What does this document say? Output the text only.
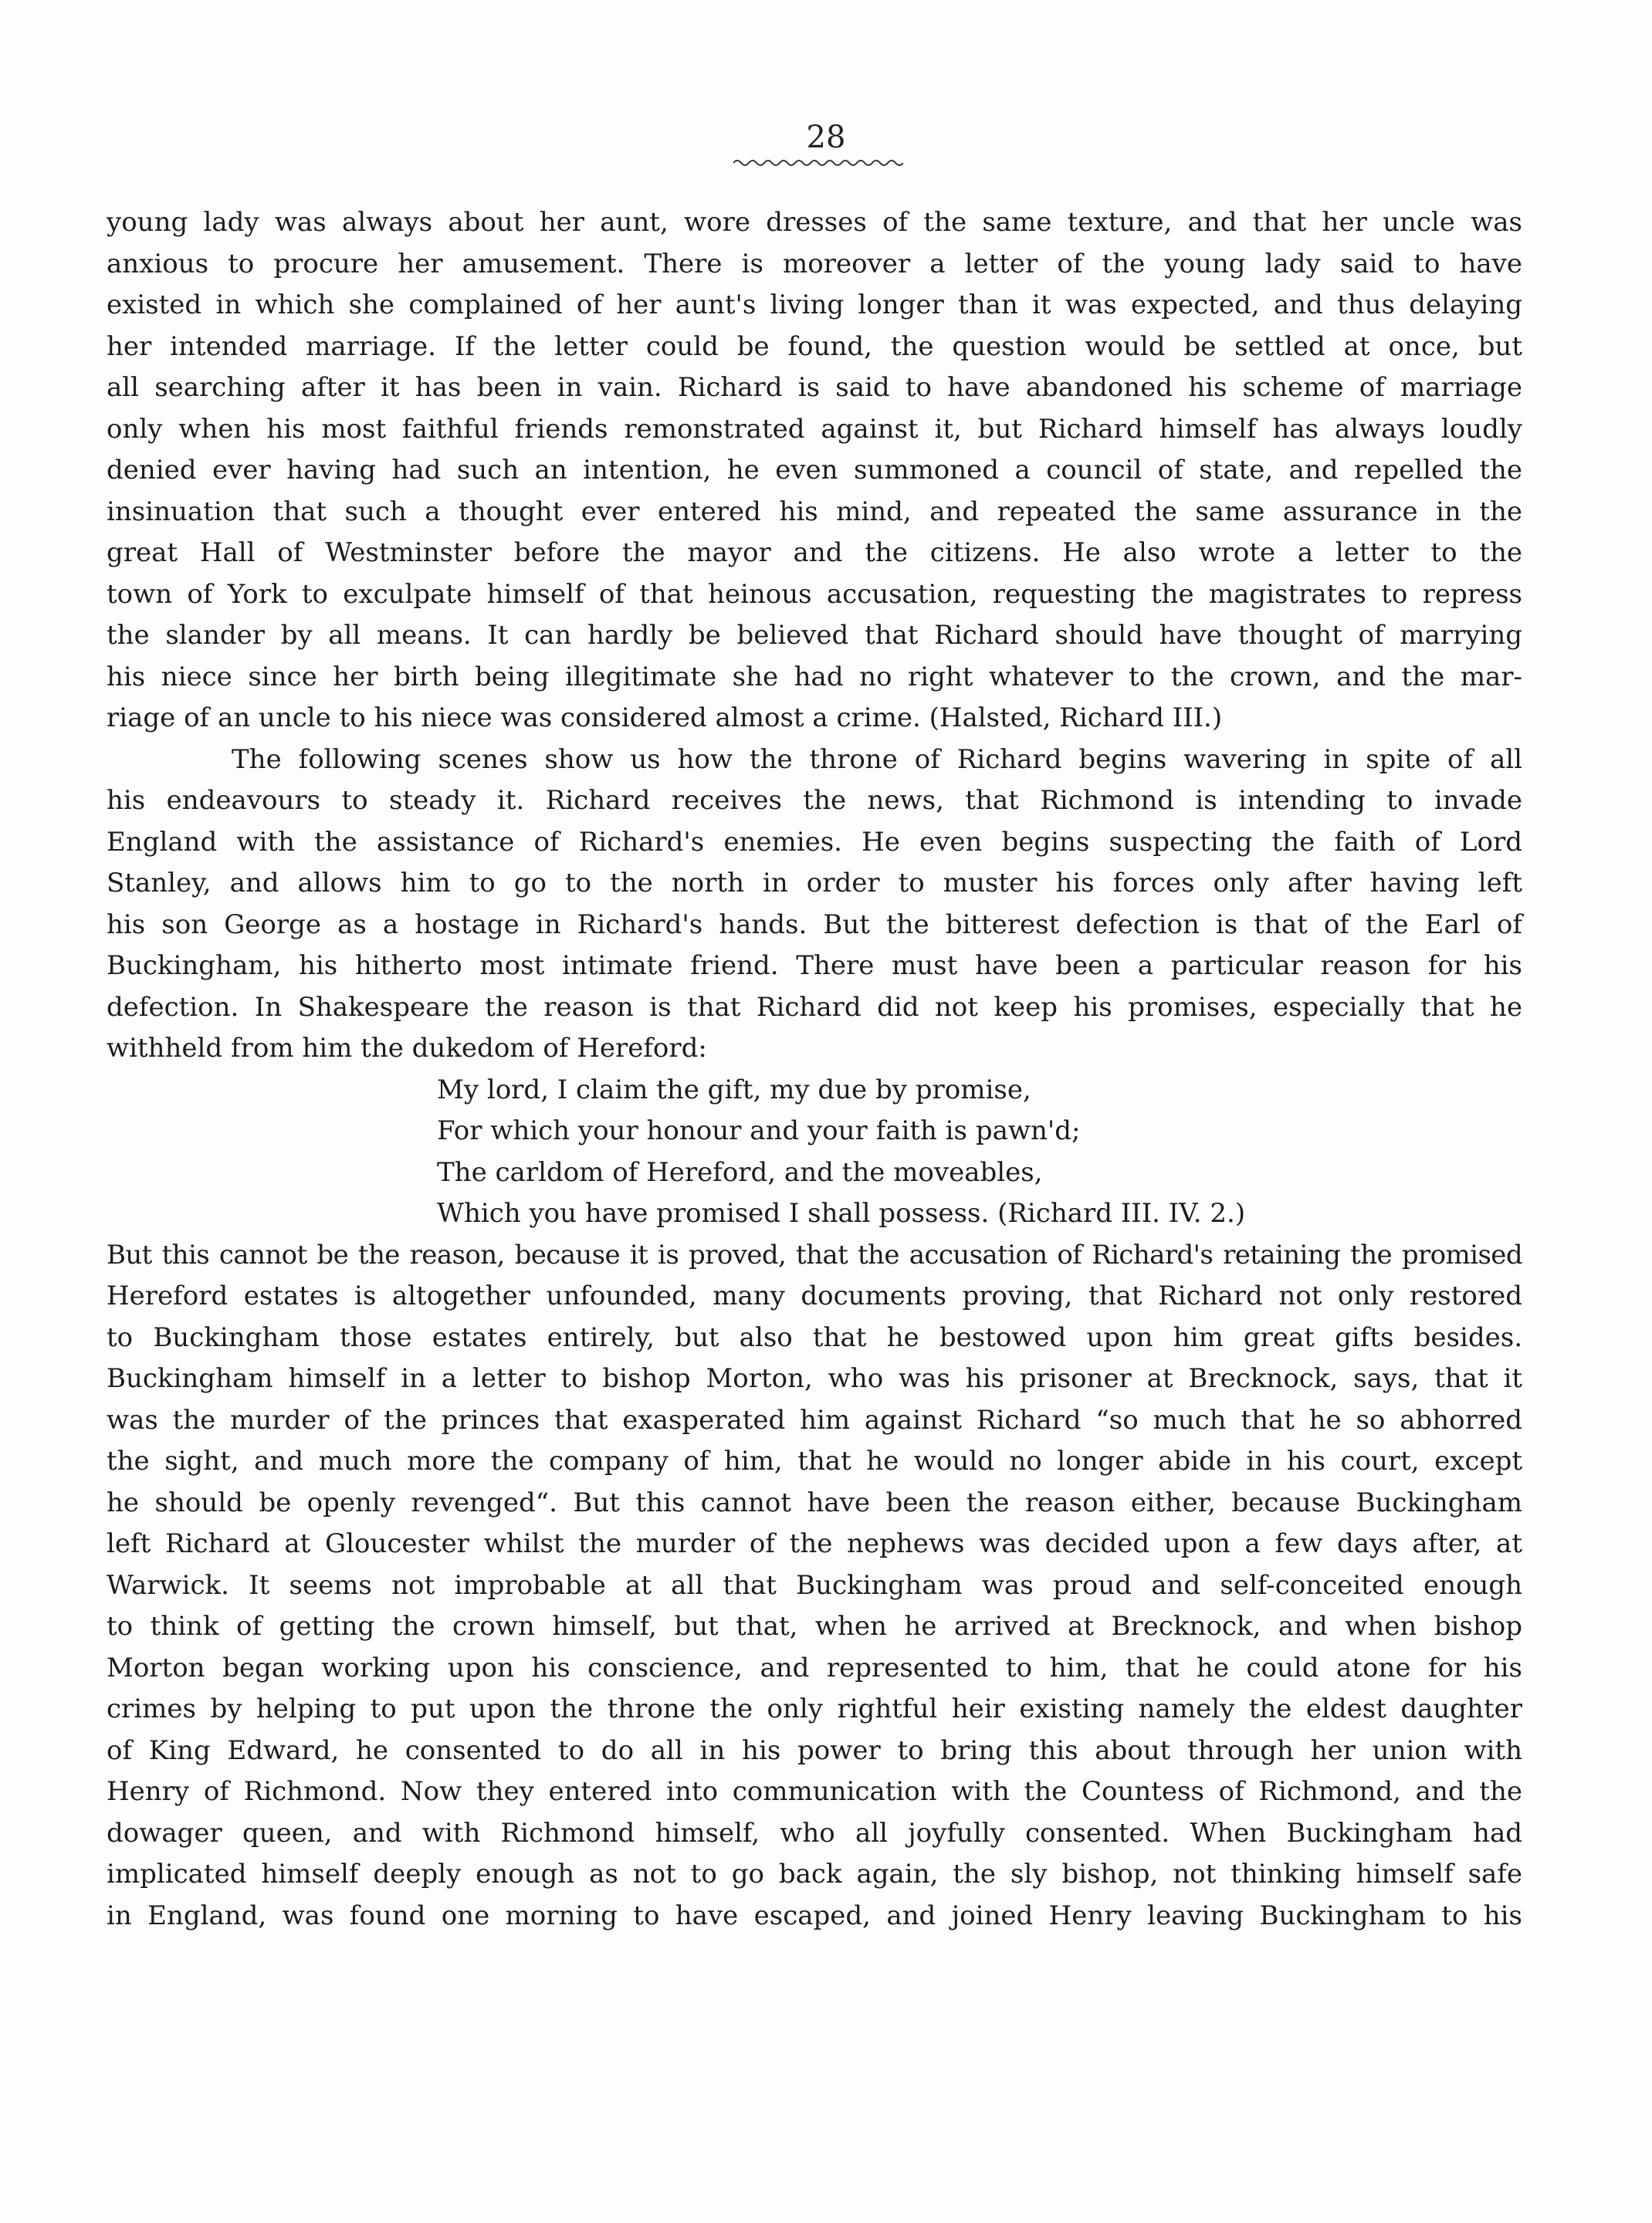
28
young lady was always about her aunt, wore dresses of the same texture, and that her uncle was
anxious to procure her amusement. There is moreover a letter of the young lady said to have
existed in which she complained of her aunt's living longer than it was expected, and thus delaying
her intended marriage. If the letter could be found, the question would be settled at once, but
all searching after it has been in vain. Richard is said to have abandoned his scheme of marriage
only when his most faithful friends remonstrated against it, but Richard himself has always loudly
denied ever having had such an intention, he even summoned a council of state, and repelled the
insinuation that such a thought ever entered his mind, and repeated the same assurance in the
great Hall of Westminster before the mayor and the citizens. He also wrote a letter to the
town of York to exculpate himself of that heinous accusation, requesting the magistrates to repress
the slander by all means. It can hardly be believed that Richard should have thought of marrying
his niece since her birth being illegitimate she had no right whatever to the crown, and the mar-
riage of an uncle to his niece was considered almost a crime. (Halsted, Richard III.)
The following scenes show us how the throne of Richard begins wavering in spite of all
his endeavours to steady it. Richard receives the news, that Richmond is intending to invade
England with the assistance of Richard's enemies. He even begins suspecting the faith of Lord
Stanley, and allows him to go to the north in order to muster his forces only after having left
his son George as a hostage in Richard's hands. But the bitterest defection is that of the Earl of
Buckingham, his hitherto most intimate friend. There must have been a particular reason for his
defection. In Shakespeare the reason is that Richard did not keep his promises, especially that he
withheld from him the dukedom of Hereford:
My lord, I claim the gift, my due by promise,
For which your honour and your faith is pawn'd;
The carldom of Hereford, and the moveables,
Which you have promised I shall possess. (Richard III. IV. 2.)
But this cannot be the reason, because it is proved, that the accusation of Richard's retaining the promised
Hereford estates is altogether unfounded, many documents proving, that Richard not only restored
to Buckingham those estates entirely, but also that he bestowed upon him great gifts besides.
Buckingham himself in a letter to bishop Morton, who was his prisoner at Brecknock, says, that it
was the murder of the princes that exasperated him against Richard “so much that he so abhorred
the sight, and much more the company of him, that he would no longer abide in his court, except
he should be openly revenged“. But this cannot have been the reason either, because Buckingham
left Richard at Gloucester whilst the murder of the nephews was decided upon a few days after, at
Warwick. It seems not improbable at all that Buckingham was proud and self-conceited enough
to think of getting the crown himself, but that, when he arrived at Brecknock, and when bishop
Morton began working upon his conscience, and represented to him, that he could atone for his
crimes by helping to put upon the throne the only rightful heir existing namely the eldest daughter
of King Edward, he consented to do all in his power to bring this about through her union with
Henry of Richmond. Now they entered into communication with the Countess of Richmond, and the
dowager queen, and with Richmond himself, who all joyfully consented. When Buckingham had
implicated himself deeply enough as not to go back again, the sly bishop, not thinking himself safe
in England, was found one morning to have escaped, and joined Henry leaving Buckingham to his
